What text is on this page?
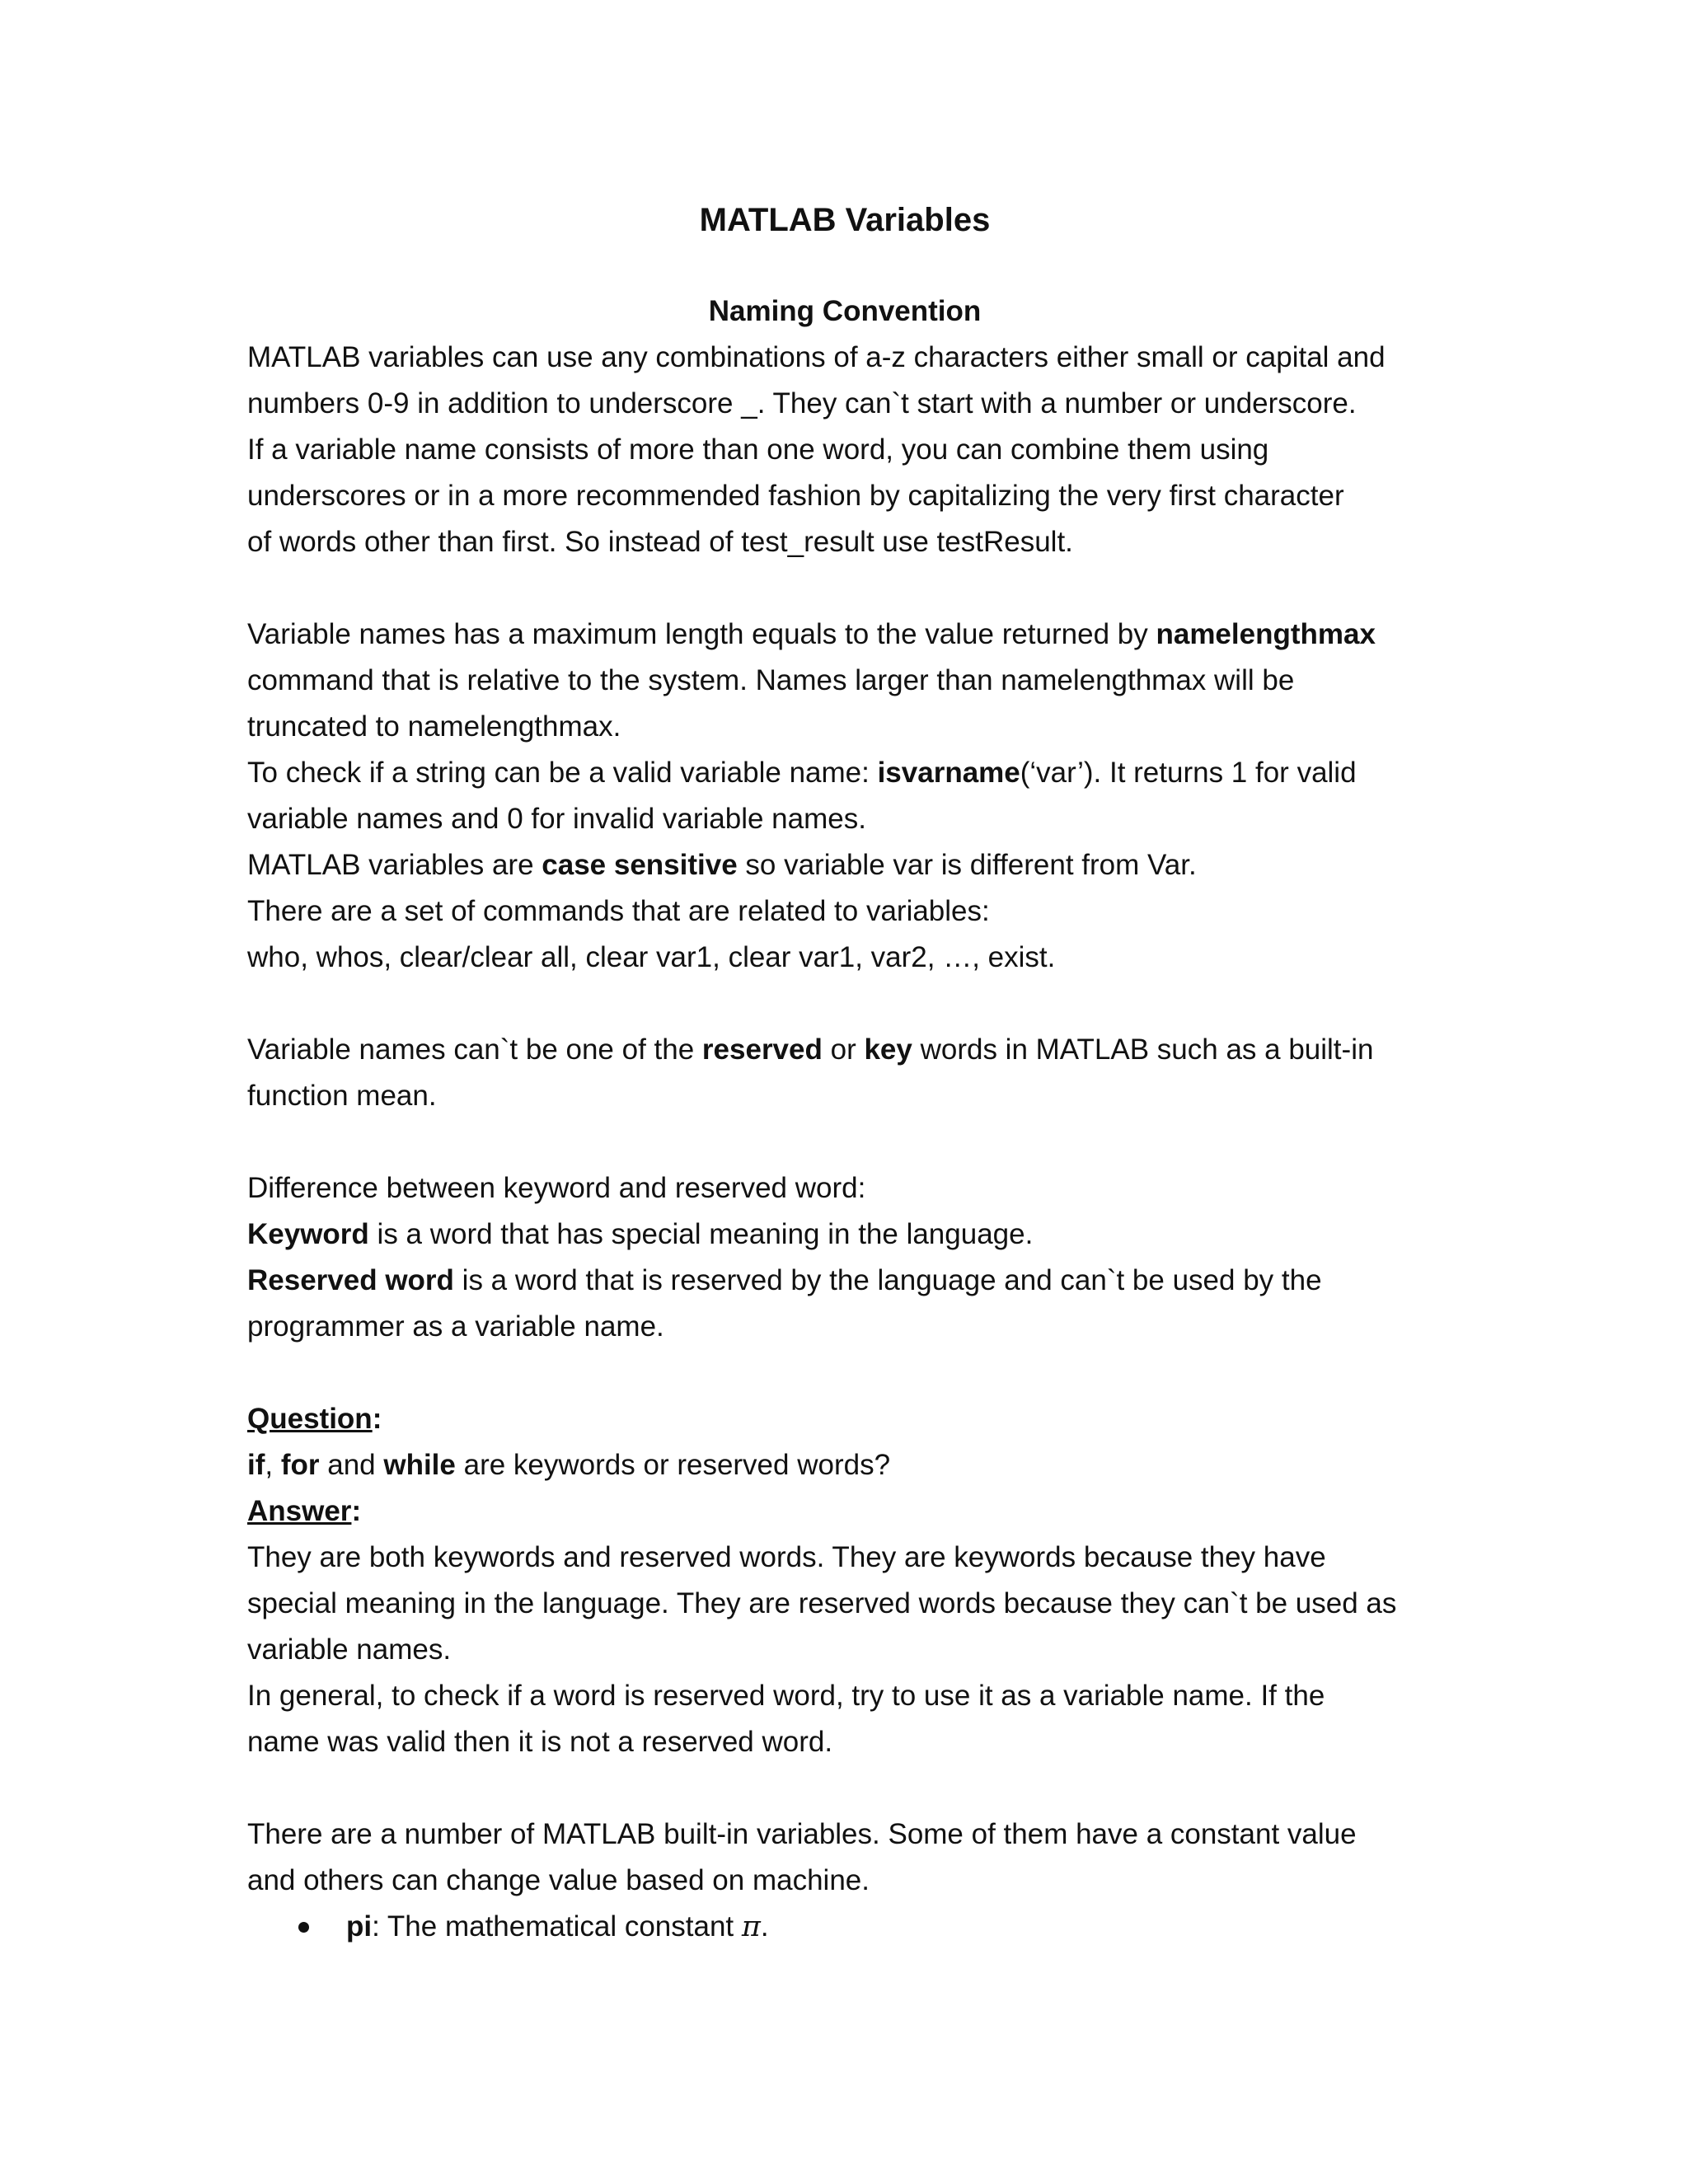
MATLAB Variables
Naming Convention

MATLAB variables can use any combinations of a-z characters either small or capital and

numbers 0-9 in addition to underscore _. They can`t start with a number or underscore.

If a variable name consists of more than one word, you can combine them using

underscores or in a more recommended fashion by capitalizing the very first character

of words other than first. So instead of test_result use testResult.

Variable names has a maximum length equals to the value returned by namelengthmax

command that is relative to the system. Names larger than namelengthmax will be

truncated to namelengthmax.

To check if a string can be a valid variable name: isvarname(‘var’). It returns 1 for valid

variable names and 0 for invalid variable names.

MATLAB variables are case sensitive so variable var is different from Var.

There are a set of commands that are related to variables:

who, whos, clear/clear all, clear var1, clear var1, var2, …, exist.

Variable names can`t be one of the reserved or key words in MATLAB such as a built-in

function mean.

Difference between keyword and reserved word:

Keyword is a word that has special meaning in the language.

Reserved word is a word that is reserved by the language and can`t be used by the

programmer as a variable name.

Question:

if, for and while are keywords or reserved words?

Answer:

They are both keywords and reserved words. They are keywords because they have

special meaning in the language. They are reserved words because they can`t be used as

variable names.

In general, to check if a word is reserved word, try to use it as a variable name. If the

name was valid then it is not a reserved word.

There are a number of MATLAB built-in variables. Some of them have a constant value

and others can change value based on machine.

pi: The mathematical constant π.
